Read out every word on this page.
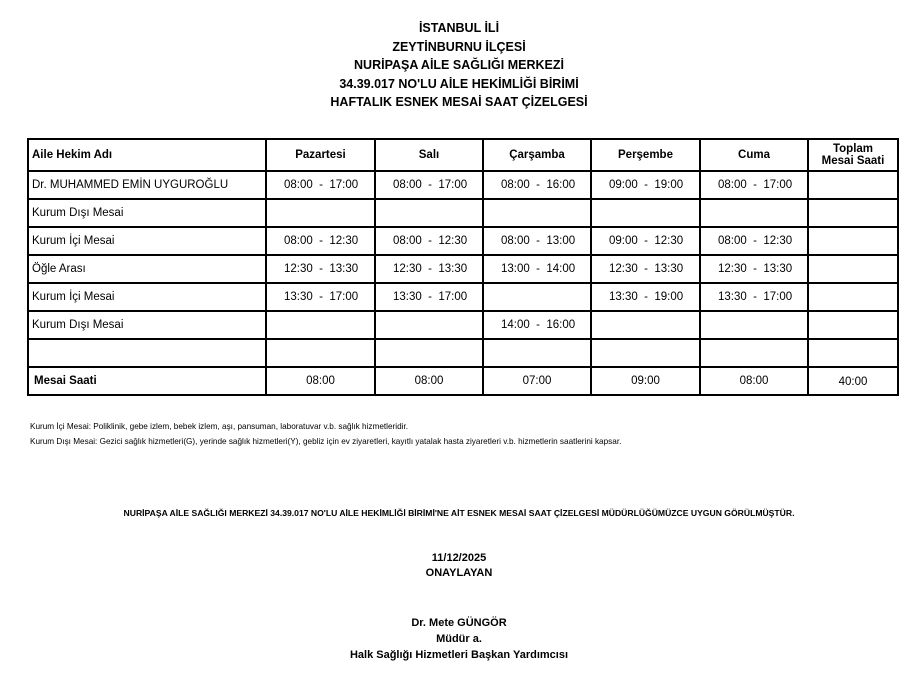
İSTANBUL İLİ
ZEYTİNBURNU İLÇESİ
NURİPAŞA AİLE SAĞLIĞI MERKEZİ
34.39.017 NO'LU AİLE HEKİMLİĞİ BİRİMİ
HAFTALIK ESNEK MESAİ SAAT ÇİZELGESİ
Aile Hekim Adı	Pazartesi	Salı	Çarşamba	Perşembe	Cuma	Toplam
Mesai Saati
Dr. MUHAMMED EMİN UYGUROĞLU	08:00  -  17:00	08:00  -  17:00	08:00  -  16:00	09:00  -  19:00	08:00  -  17:00	
Kurum Dışı Mesai						
Kurum İçi Mesai	08:00  -  12:30	08:00  -  12:30	08:00  -  13:00	09:00  -  12:30	08:00  -  12:30	
Öğle Arası	12:30  -  13:30	12:30  -  13:30	13:00  -  14:00	12:30  -  13:30	12:30  -  13:30	
Kurum İçi Mesai	13:30  -  17:00	13:30  -  17:00		13:30  -  19:00	13:30  -  17:00	
Kurum Dışı Mesai			14:00  -  16:00			

Mesai Saati	08:00	08:00	07:00	09:00	08:00	40:00
Kurum İçi Mesai: Poliklinik, gebe izlem, bebek izlem, aşı, pansuman, laboratuvar v.b. sağlık hizmetleridir.
Kurum Dışı Mesai: Gezici sağlık hizmetleri(G), yerinde sağlık hizmetleri(Y), gebliz için ev ziyaretleri, kayıtlı yatalak hasta ziyaretleri v.b. hizmetlerin saatlerini kapsar.
NURİPAŞA AİLE SAĞLIĞI MERKEZİ 34.39.017 NO'LU AİLE HEKİMLİĞİ BİRİMİ'NE AİT ESNEK MESAİ SAAT ÇİZELGESİ MÜDÜRLÜĞÜMÜZCE UYGUN GÖRÜLMÜŞTÜR.
11/12/2025
ONAYLAYAN
Dr. Mete GÜNGÖR
Müdür a.
Halk Sağlığı Hizmetleri Başkan Yardımcısı
